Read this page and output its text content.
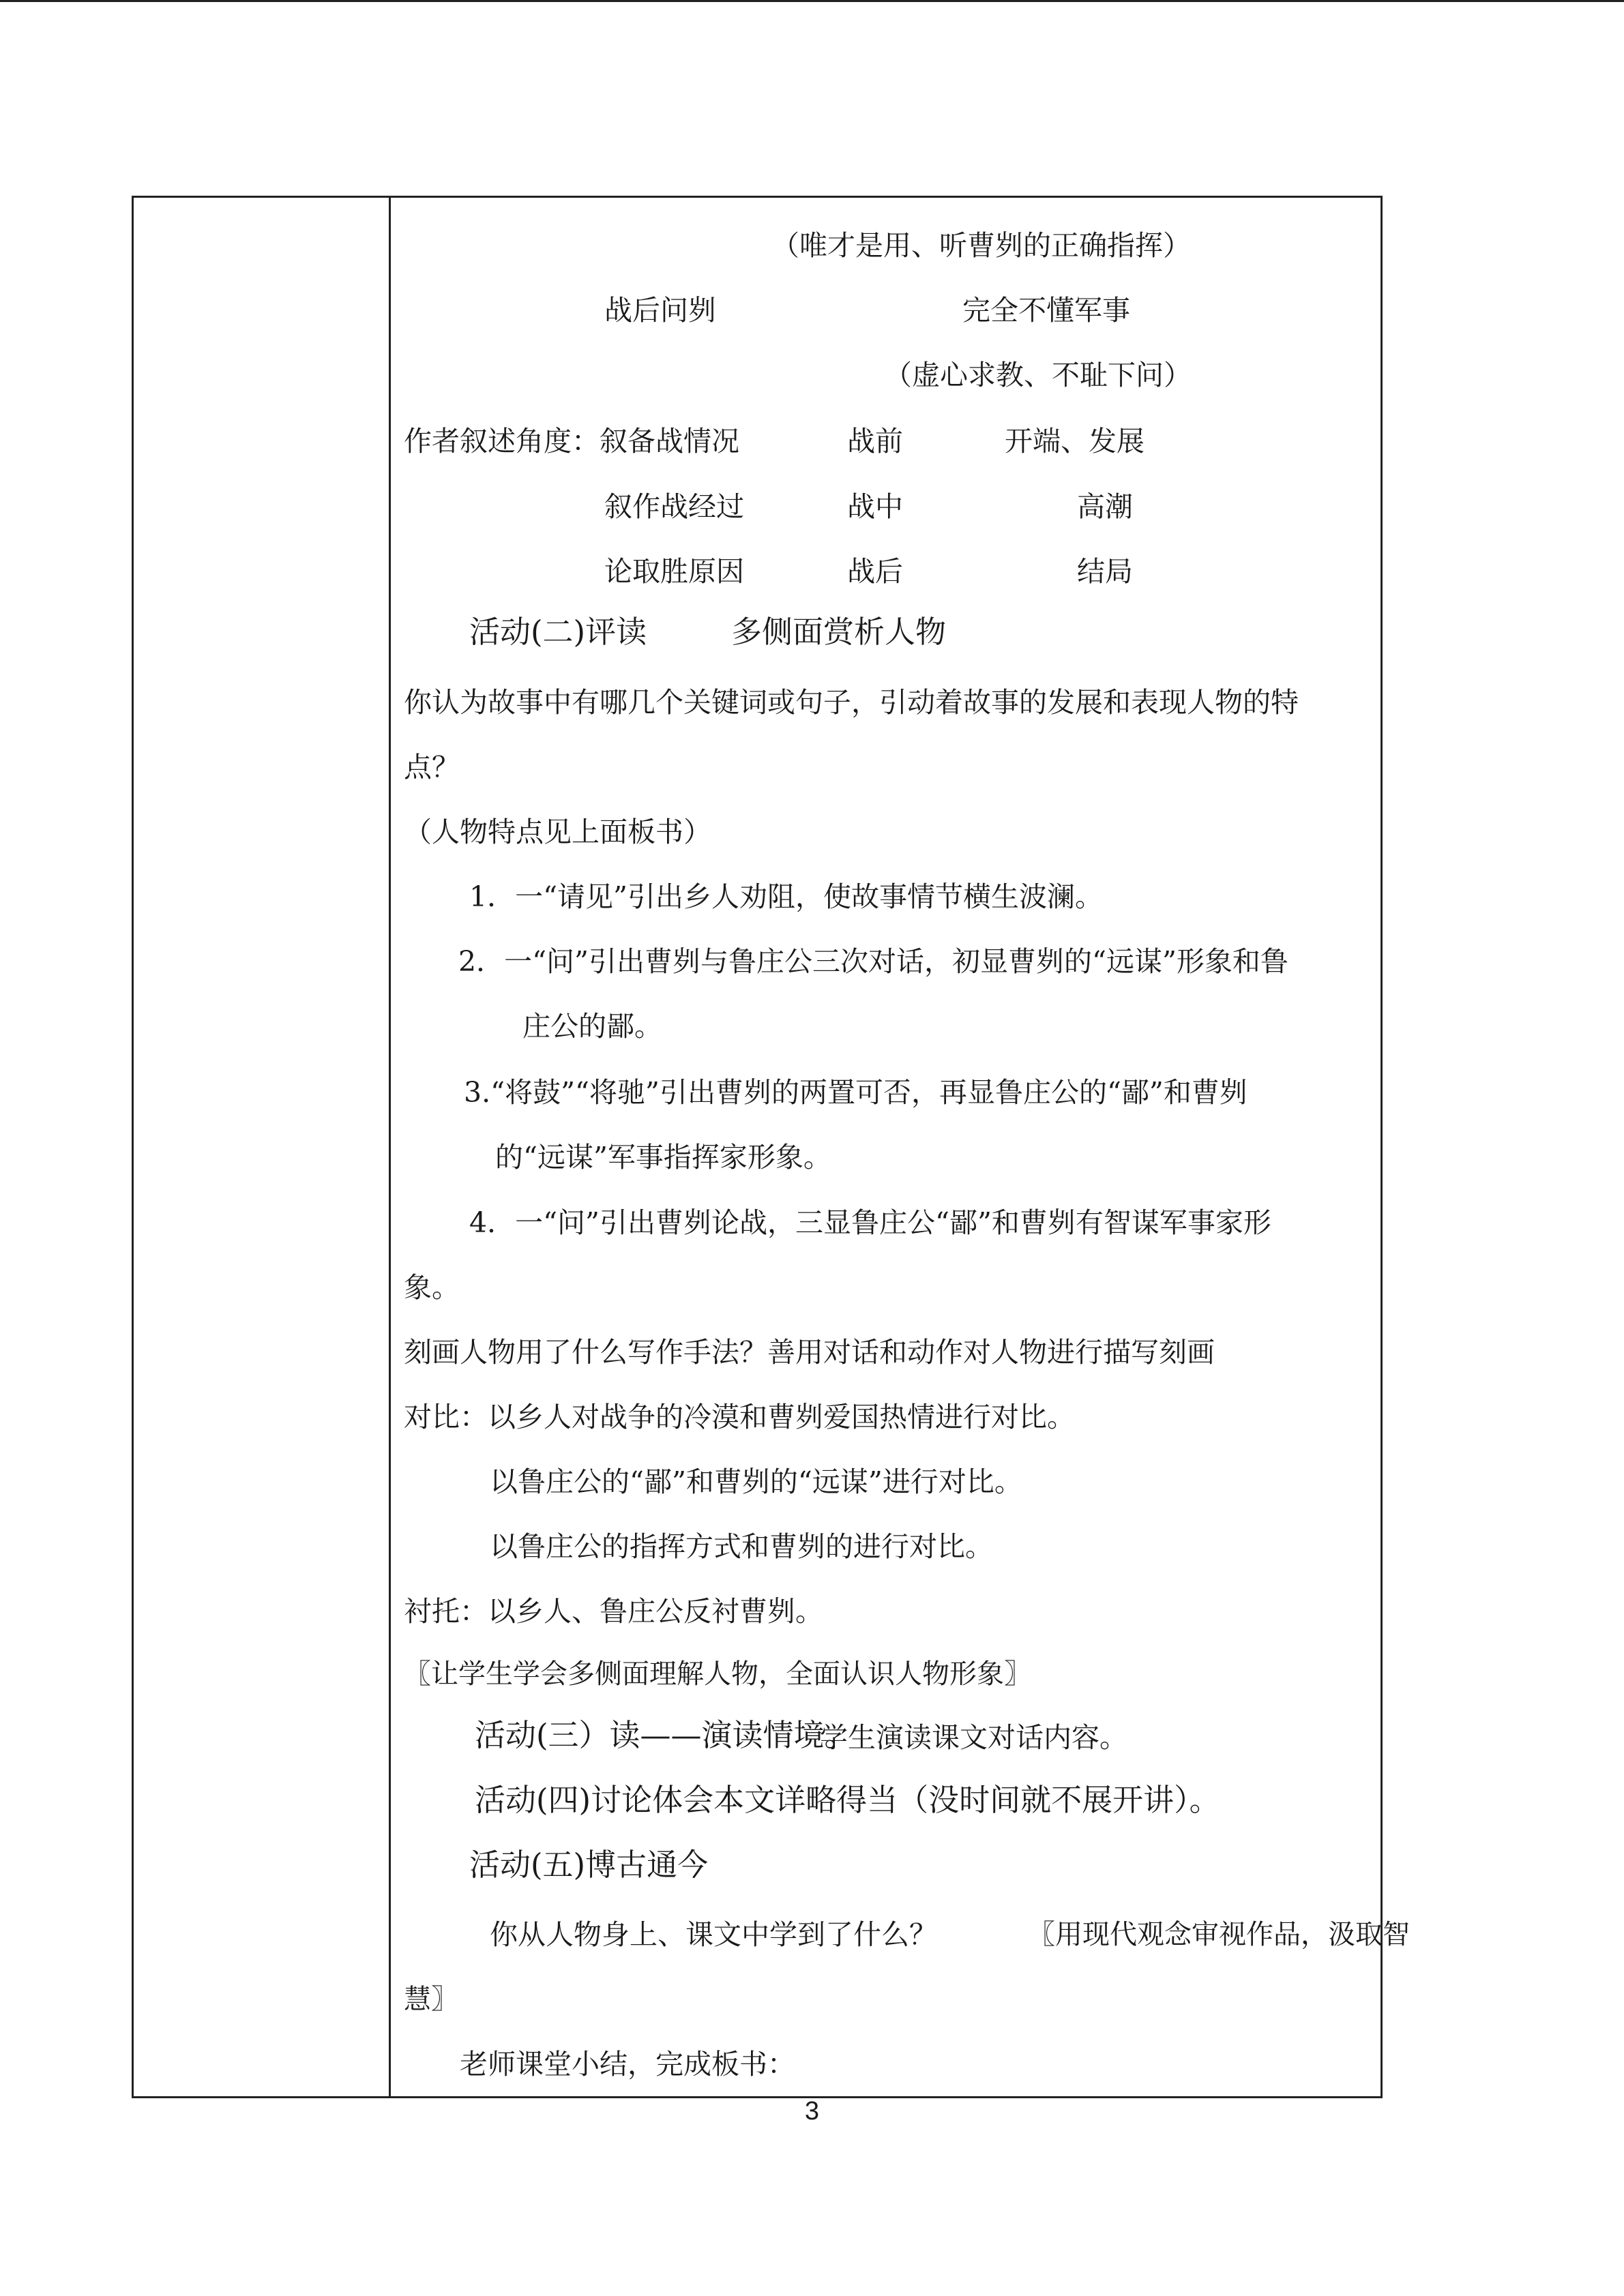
（唯才是用、听曹刿的正确指挥）
战后问刿	完全不懂军事
（虚心求教、不耻下问）
作者叙述角度：叙备战情况	战前	开端、发展
叙作战经过	战中	高潮
论取胜原因	战后	结局
活动(二)评读	多侧面赏析人物
你认为故事中有哪几个关键词或句子，引动着故事的发展和表现人物的特
点？
（人物特点见上面板书）
1．一“请见”引出乡人劝阻，使故事情节横生波澜。
2．一“问”引出曹刿与鲁庄公三次对话，初显曹刿的“远谋”形象和鲁
庄公的鄙。
3.“将鼓”“将驰”引出曹刿的两置可否，再显鲁庄公的“鄙”和曹刿
的“远谋”军事指挥家形象。
4．一“问”引出曹刿论战，三显鲁庄公“鄙”和曹刿有智谋军事家形
象。
刻画人物用了什么写作手法？善用对话和动作对人物进行描写刻画
对比：以乡人对战争的冷漠和曹刿爱国热情进行对比。
以鲁庄公的“鄙”和曹刿的“远谋”进行对比。
以鲁庄公的指挥方式和曹刿的进行对比。
衬托：以乡人、鲁庄公反衬曹刿。
〖让学生学会多侧面理解人物，全面认识人物形象〗
活动(三）读——演读情境。
学生演读课文对话内容。
活动(四)讨论体会本文详略得当（没时间就不展开讲）。
活动(五)博古通今
你从人物身上、课文中学到了什么？	〖用现代观念审视作品，汲取智
慧〗
老师课堂小结，完成板书：
3
